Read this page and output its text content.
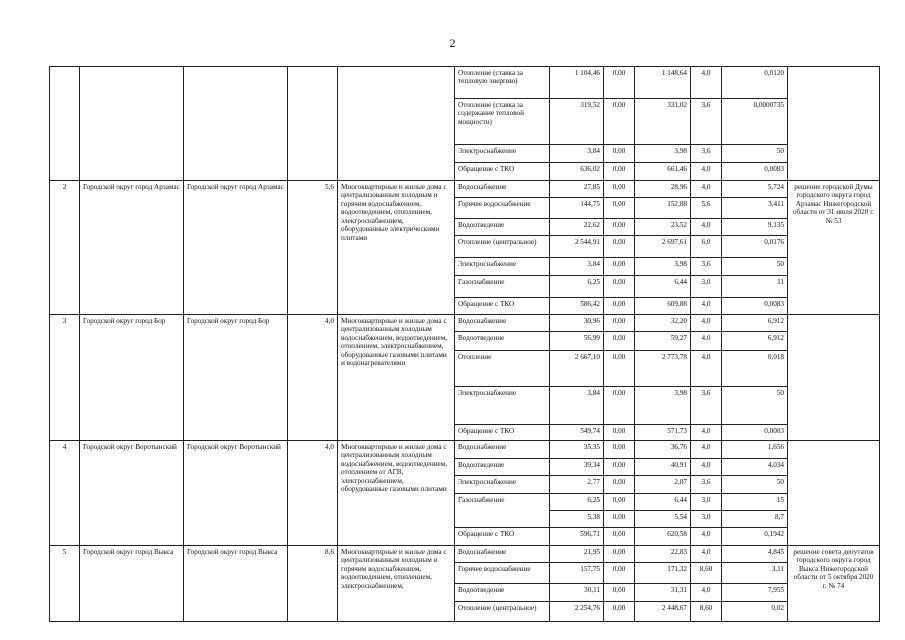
2
					Отопление (ставка за тепловую энергию)	1 104,46	0,00	1 148,64	4,0	0,0120	
					Отопление (ставка за содержание тепловой мощности)	319,52	0,00	331,02	3,6	0,0000735	
					Электроснабжение	3,84	0,00	3,98	3,6	50	
					Обращение с ТКО	636,02	0,00	661,46	4,0	0,0083	
2	Городской округ город Арзамас	Городской округ город Арзамас	5,6	Многоквартирные и жилые дома с централизованным холодным и горячим водоснабжением, водоотведением, отоплением, электроснабжением, оборудованные электрическими плитами	Водоснабжение	27,85	0,00	28,96	4,0	5,724	решение городской Думы городского округа город Арзамас Нижегородской области от 31 июля 2020 г. № 53
					Горячее водоснабжение	144,75	0,00	152,88	5,6	3,411	
					Водоотведение	22,62	0,00	23,52	4,0	9,135	
					Отопление (центральное)	2 544,91	0,00	2 697,61	6,0	0,0176	
					Электроснабжение	3,84	0,00	3,98	3,6	50	
					Газоснабжение	6,25	0,00	6,44	3,0	11	
					Обращение с ТКО	586,42	0,00	609,88	4,0	0,0083	
3	Городской округ город Бор	Городской округ город Бор	4,0	Многоквартирные и жилые дома с централизованным холодным водоснабжением, водоотведением, отоплением, электроснабжением, оборудованные газовыми плитами и водонагревателями	Водоснабжение	30,96	0,00	32,20	4,0	6,912	
					Водоотведение	56,99	0,00	59,27	4,0	6,912	
					Отопление	2 667,10	0,00	2 773,78	4,0	0,018	
					Электроснабжение	3,84	0,00	3,98	3,6	50	
					Обращение с ТКО	549,74	0,00	571,73	4,0	0,0083	
4	Городской округ Воротынский	Городской округ Воротынский	4,0	Многоквартирные и жилые дома с централизованным холодным водоснабжением, водоотведением, отоплением от АГВ, электроснабжением, оборудованные газовыми плитами	Водоснабжение	35,35	0,00	36,76	4,0	1,656	
					Водоотведение	39,34	0,00	40,91	4,0	4,034	
					Электроснабжение	2,77	0,00	2,87	3,6	50	
					Газоснабжение	6,25	0,00	6,44	3,0	15	
						5,38	0,00	5,54	3,0	8,7	
					Обращение с ТКО	596,71	0,00	620,58	4,0	0,1942	
5	Городской округ город Выкса	Городской округ город Выкса	8,6	Многоквартирные и жилые дома с централизованным холодным и горячим водоснабжением, водоотведением, отоплением, электроснабжением,	Водоснабжение	21,95	0,00	22,83	4,0	4,845	решение совета депутатов городского округа город Выкса Нижегородской области от 5 октября 2020 г. № 74
					Горячее водоснабжение	157,75	0,00	171,32	8,60	3,11	
					Водоотведение	30,11	0,00	31,31	4,0	7,955	
					Отопление (центральное)	2 254,76	0,00	2 448,67	8,60	0,02	
